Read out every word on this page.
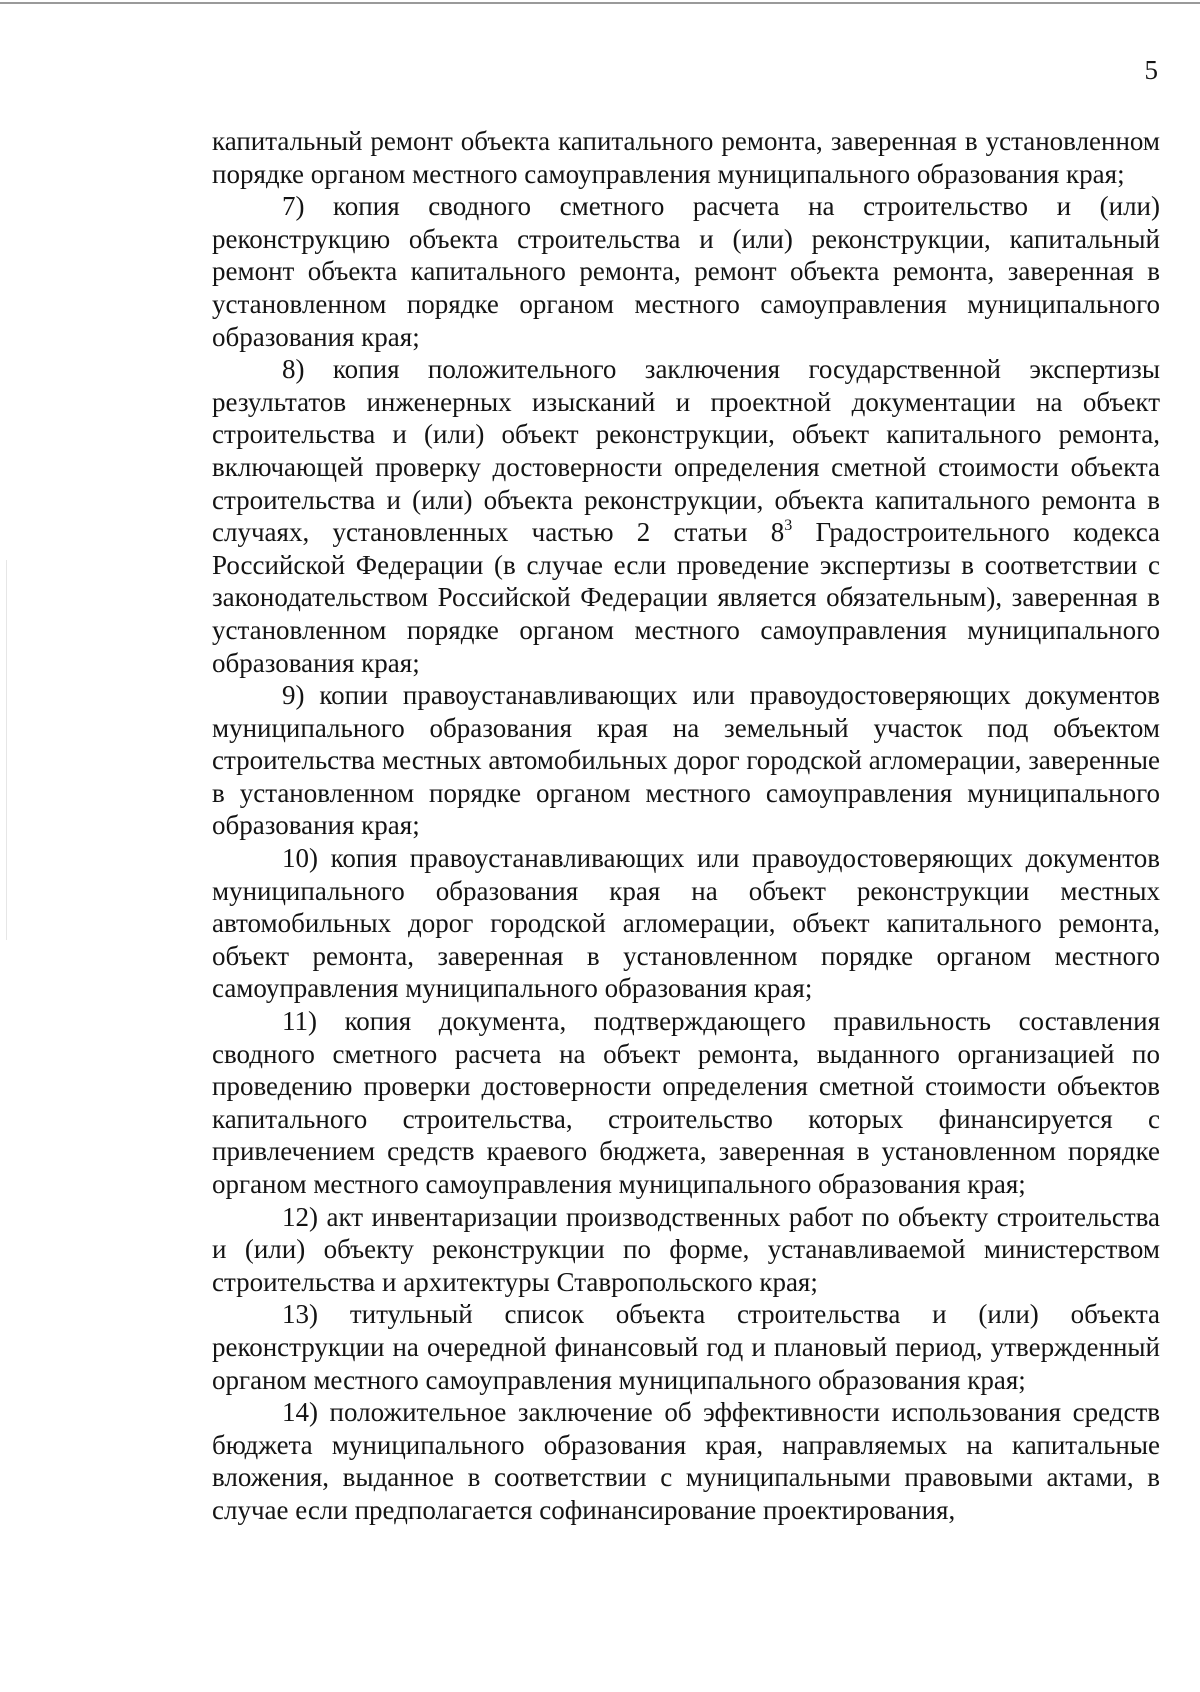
5

капитальный ремонт объекта капитального ремонта, заверенная в установленном порядке органом местного самоуправления муниципального образования края;

7) копия сводного сметного расчета на строительство и (или) реконструкцию объекта строительства и (или) реконструкции, капитальный ремонт объекта капитального ремонта, ремонт объекта ремонта, заверенная в установленном порядке органом местного самоуправления муниципального образования края;

8) копия положительного заключения государственной экспертизы результатов инженерных изысканий и проектной документации на объект строительства и (или) объект реконструкции, объект капитального ремонта, включающей проверку достоверности определения сметной стоимости объекта строительства и (или) объекта реконструкции, объекта капитального ремонта в случаях, установленных частью 2 статьи $8^3$ Градостроительного кодекса Российской Федерации (в случае если проведение экспертизы в соответствии с законодательством Российской Федерации является обязательным), заверенная в установленном порядке органом местного самоуправления муниципального образования края;

9) копии правоустанавливающих или правоудостоверяющих документов муниципального образования края на земельный участок под объектом строительства местных автомобильных дорог городской агломерации, заверенные в установленном порядке органом местного самоуправления муниципального образования края;

10) копия правоустанавливающих или правоудостоверяющих документов муниципального образования края на объект реконструкции местных автомобильных дорог городской агломерации, объект капитального ремонта, объект ремонта, заверенная в установленном порядке органом местного самоуправления муниципального образования края;

11) копия документа, подтверждающего правильность составления сводного сметного расчета на объект ремонта, выданного организацией по проведению проверки достоверности определения сметной стоимости объектов капитального строительства, строительство которых финансируется с привлечением средств краевого бюджета, заверенная в установленном порядке органом местного самоуправления муниципального образования края;

12) акт инвентаризации производственных работ по объекту строительства и (или) объекту реконструкции по форме, устанавливаемой министерством строительства и архитектуры Ставропольского края;

13) титульный список объекта строительства и (или) объекта реконструкции на очередной финансовый год и плановый период, утвержденный органом местного самоуправления муниципального образования края;

14) положительное заключение об эффективности использования средств бюджета муниципального образования края, направляемых на капитальные вложения, выданное в соответствии с муниципальными правовыми актами, в случае если предполагается софинансирование проектирования,
